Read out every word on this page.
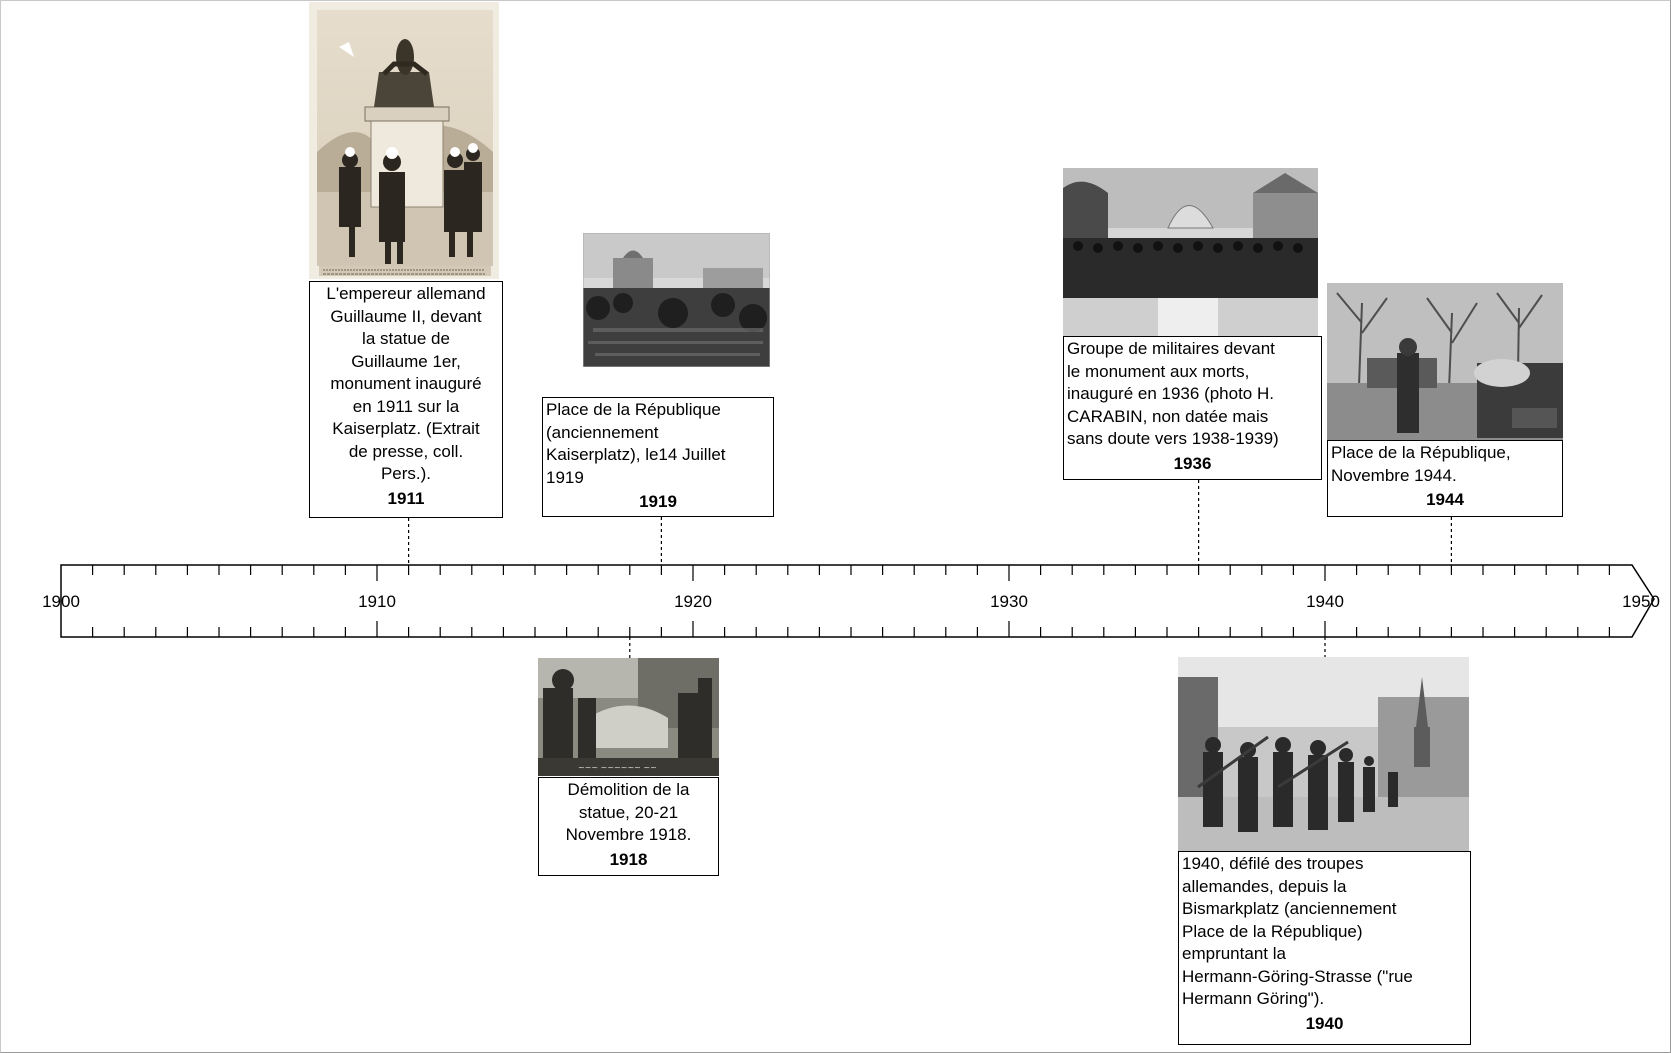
1900	1910	1920	1930	1940	1950
L'empereur allemand
Guillaume II, devant
la statue de
Guillaume 1er,
monument inauguré
en 1911 sur la
Kaiserplatz. (Extrait
de presse, coll.
Pers.).
1911
Place de la République
(anciennement
Kaiserplatz), le14 Juillet
1919
1919
Groupe de militaires devant
le monument aux morts,
inauguré en 1936 (photo H.
CARABIN, non datée mais
sans doute vers 1938-1939)
1936
Place de la République,
Novembre 1944.
1944
~~~ ~~~~~~ ~~
Démolition de la
statue, 20-21
Novembre 1918.
1918	1940, défilé des troupes
allemandes, depuis la
Bismarkplatz (anciennement
Place de la République)
empruntant la
Hermann-Göring-Strasse ("rue
Hermann Göring").
1940
